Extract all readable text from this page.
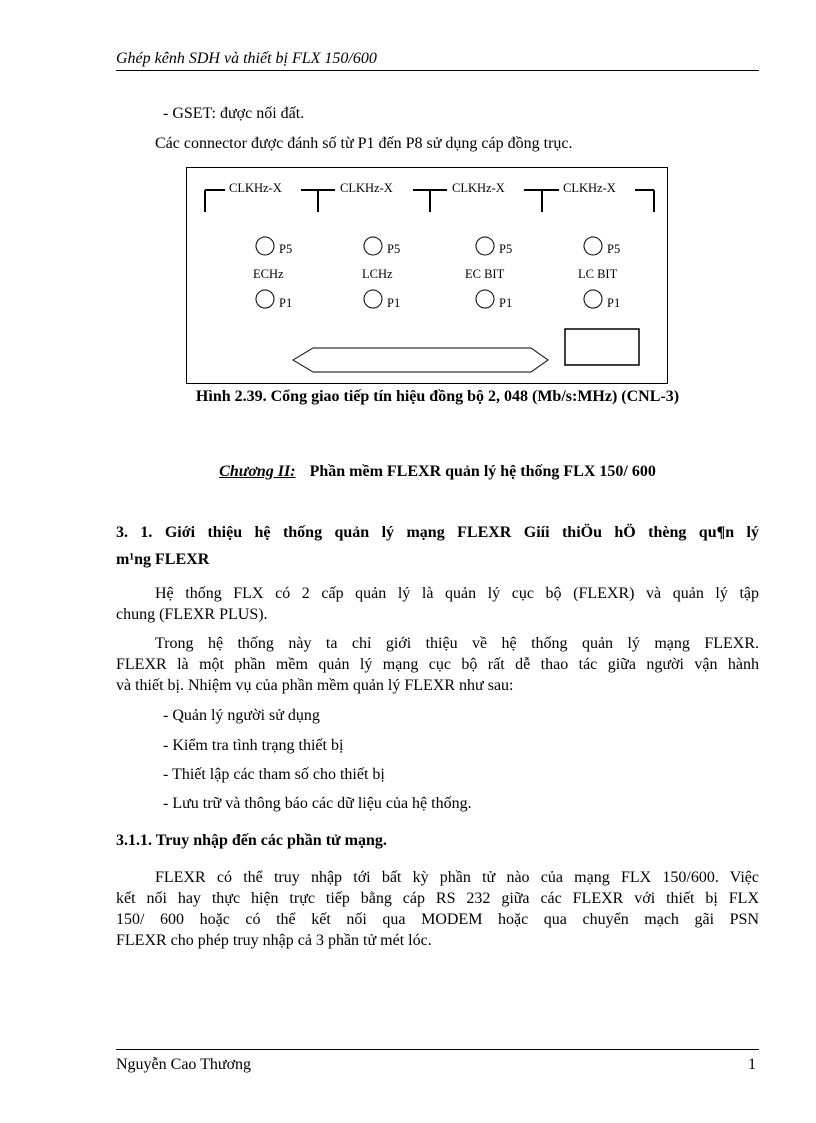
Ghép kênh SDH và thiết bị FLX 150/600
- GSET: được nối đất.
Các connector được đánh số từ P1 đến P8 sử dụng cáp đồng trục.
CLKHz-X	CLKHz-X	CLKHz-X	CLKHz-X
P5	P5	P5	P5
ECHz	LCHz	EC BIT	LC BIT
P1	P1	P1	P1
Hình 2.39. Cổng giao tiếp tín hiệu đồng bộ 2, 048 (Mb/s:MHz) (CNL-3)
Chương II: Phần mềm FLEXR quản lý hệ thống FLX 150/ 600
3. 1. Giới thiệu hệ thống quản lý mạng FLEXR Giíi thiÖu hÖ thèng qu¶n lý
m¹ng FLEXR
Hệ thống FLX có 2 cấp quản lý là quản lý cục bộ (FLEXR) và quản lý tập
chung (FLEXR PLUS).
Trong hệ thống này ta chỉ giới thiệu về hệ thống quản lý mạng FLEXR.
FLEXR là một phần mềm quản lý mạng cục bộ rất dễ thao tác giữa người vận hành
và thiết bị. Nhiệm vụ của phần mềm quản lý FLEXR như sau:
- Quản lý người sử dụng
- Kiểm tra tình trạng thiết bị
- Thiết lập các tham số cho thiết bị
- Lưu trữ và thông báo các dữ liệu của hệ thống.
3.1.1. Truy nhập đến các phần tử mạng.
FLEXR có thể truy nhập tới bất kỳ phần tử nào của mạng FLX 150/600. Việc
kết nối hay thực hiện trực tiếp bằng cáp RS 232 giữa các FLEXR với thiết bị FLX
150/ 600 hoặc có thể kết nối qua MODEM hoặc qua chuyển mạch gãi PSN
FLEXR cho phép truy nhập cả 3 phần tử mét lóc.
Nguyễn Cao Thương	1
